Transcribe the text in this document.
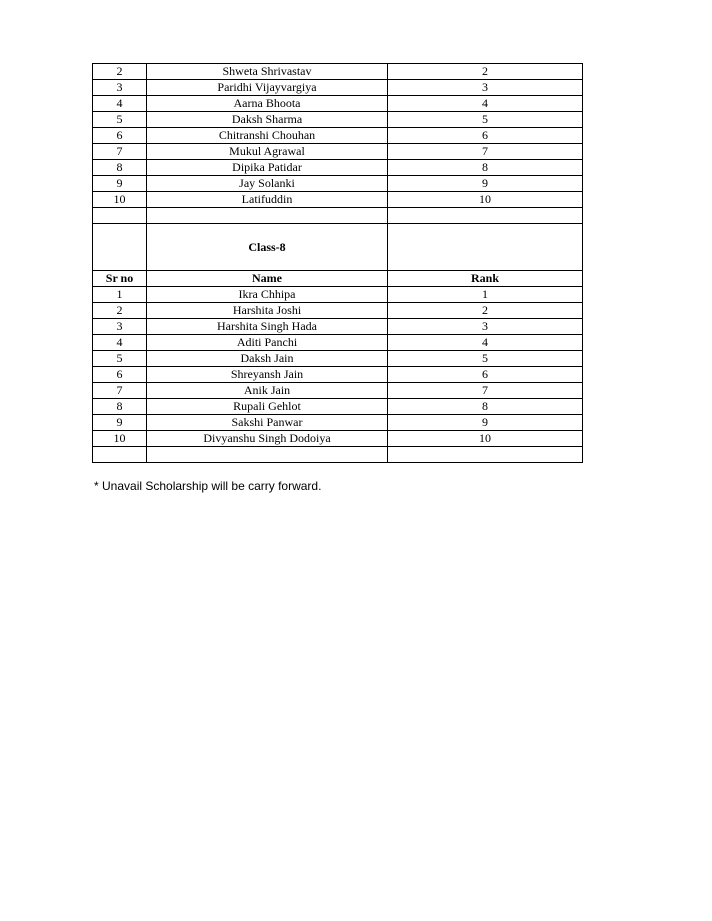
2	Shweta Shrivastav	2
3	Paridhi Vijayvargiya	3
4	Aarna Bhoota	4
5	Daksh Sharma	5
6	Chitranshi Chouhan	6
7	Mukul Agrawal	7
8	Dipika Patidar	8
9	Jay Solanki	9
10	Latifuddin	10

	Class-8	
Sr no	Name	Rank
1	Ikra Chhipa	1
2	Harshita Joshi	2
3	Harshita Singh Hada	3
4	Aditi Panchi	4
5	Daksh Jain	5
6	Shreyansh Jain	6
7	Anik Jain	7
8	Rupali Gehlot	8
9	Sakshi Panwar	9
10	Divyanshu Singh Dodoiya	10

* Unavail Scholarship will be carry forward.
